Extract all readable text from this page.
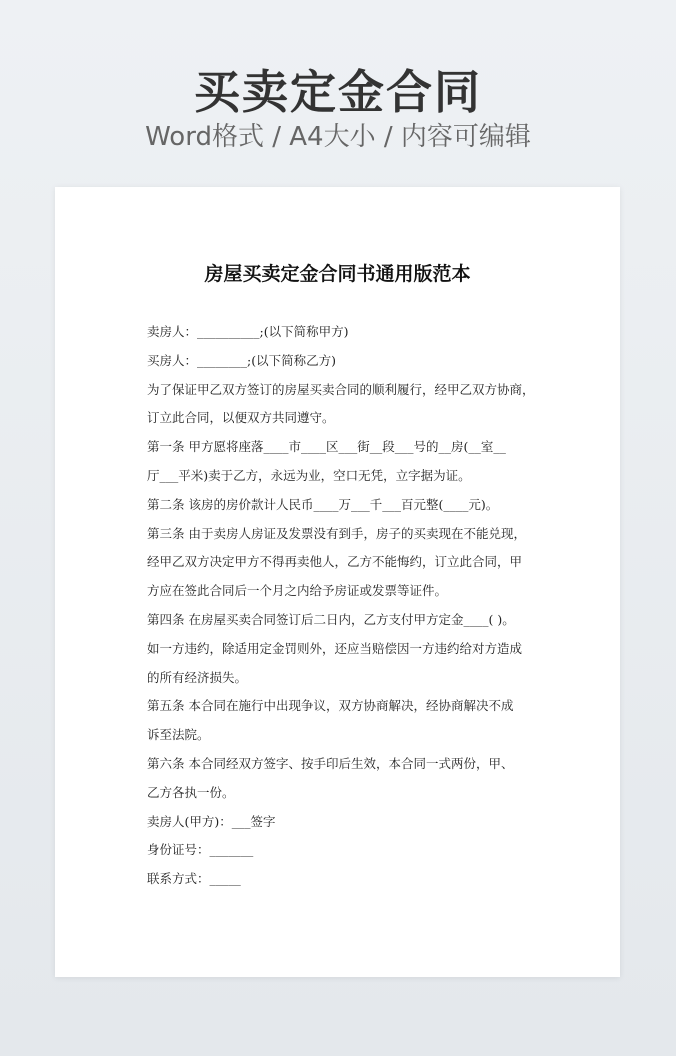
买卖定金合同
Word格式 / A4大小 / 内容可编辑
房屋买卖定金合同书通用版范本
卖房人：__________;(以下简称甲方)
买房人：________;(以下简称乙方)
为了保证甲乙双方签订的房屋买卖合同的顺利履行，经甲乙双方协商，
订立此合同，以便双方共同遵守。
第一条 甲方愿将座落____市____区___街__段___号的__房(__室__
厅___平米)卖于乙方，永远为业，空口无凭，立字据为证。
第二条 该房的房价款计人民币____万___千___百元整(____元)。
第三条 由于卖房人房证及发票没有到手，房子的买卖现在不能兑现，
经甲乙双方决定甲方不得再卖他人，乙方不能悔约，订立此合同，甲
方应在签此合同后一个月之内给予房证或发票等证件。
第四条 在房屋买卖合同签订后二日内，乙方支付甲方定金____( )。
如一方违约，除适用定金罚则外，还应当赔偿因一方违约给对方造成
的所有经济损失。
第五条 本合同在施行中出现争议，双方协商解决，经协商解决不成
诉至法院。
第六条 本合同经双方签字、按手印后生效，本合同一式两份，甲、
乙方各执一份。
卖房人(甲方)：___签字
身份证号：_______
联系方式：_____
